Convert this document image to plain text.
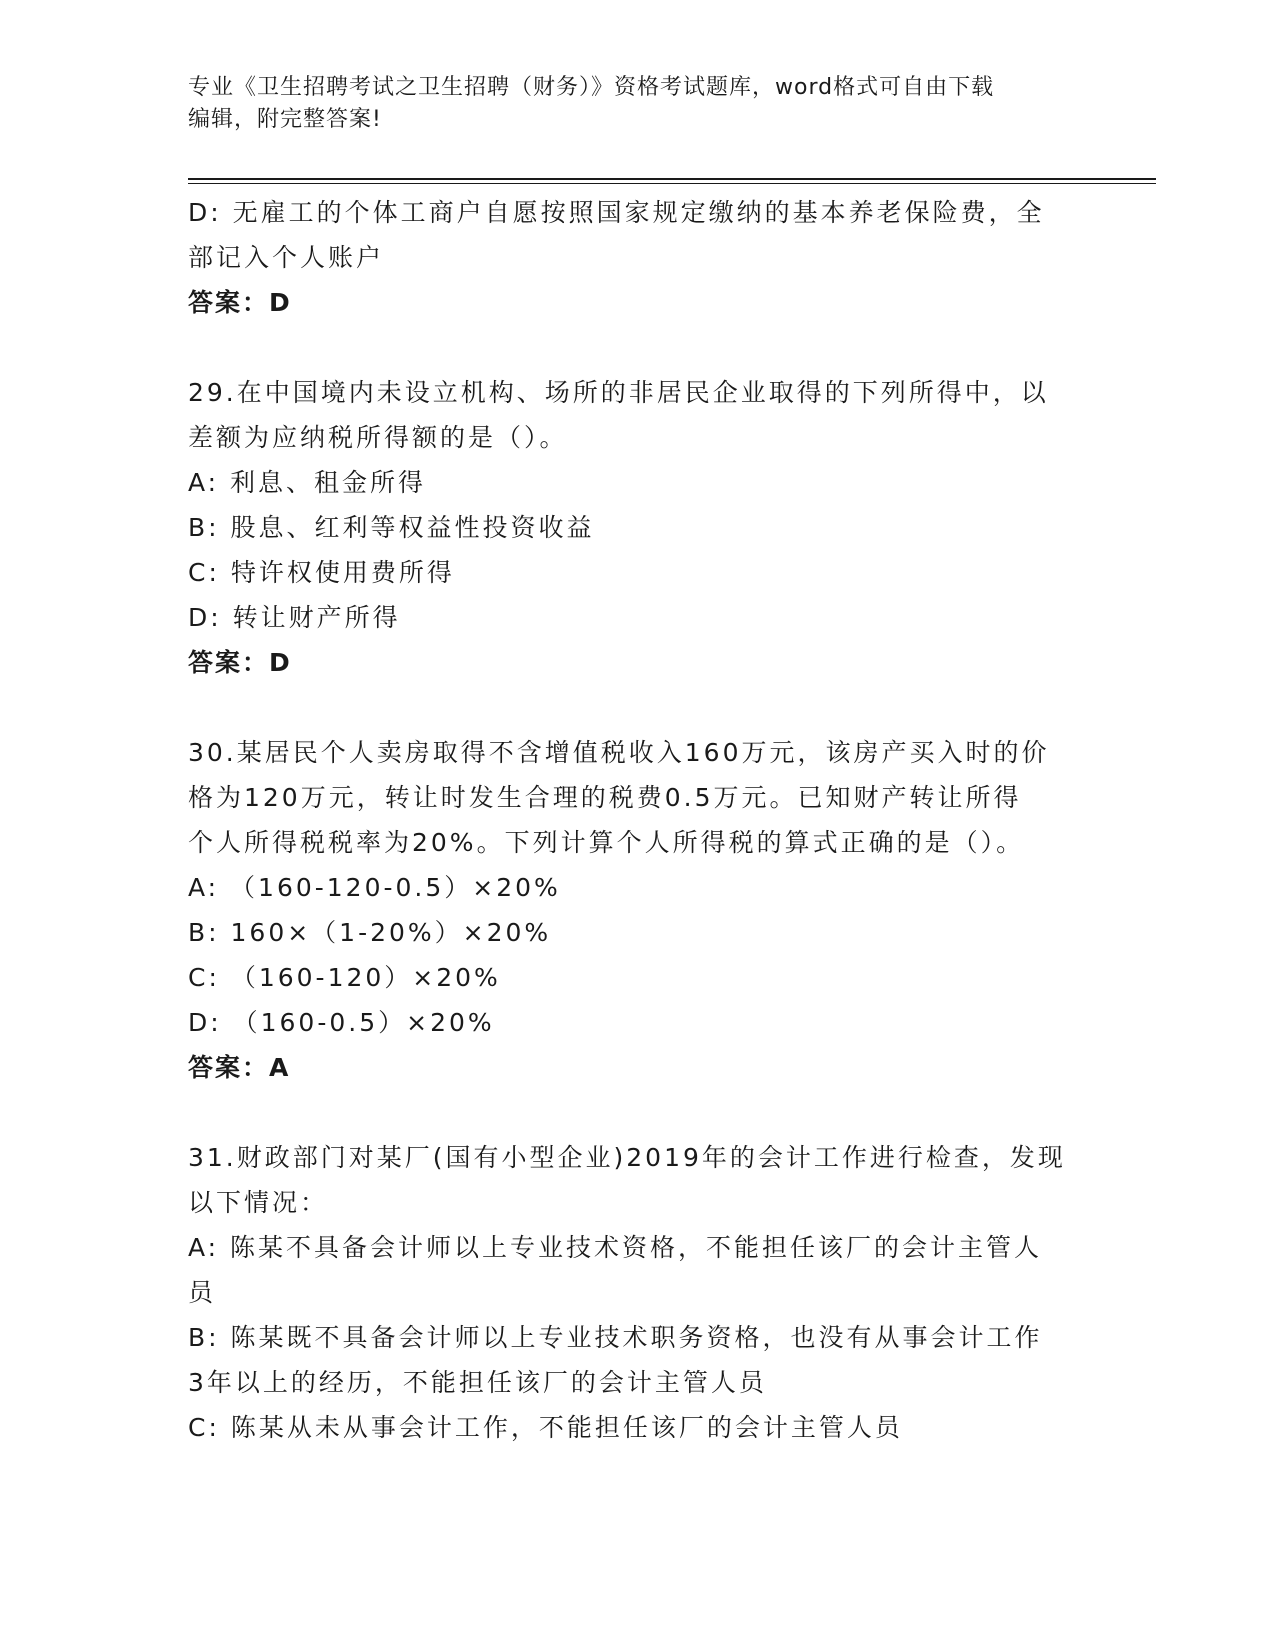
专业《卫生招聘考试之卫生招聘（财务）》资格考试题库，word格式可自由下载
编辑，附完整答案!
D: 无雇工的个体工商户自愿按照国家规定缴纳的基本养老保险费，全
部记入个人账户
答案：D
29.在中国境内未设立机构、场所的非居民企业取得的下列所得中，以
差额为应纳税所得额的是（）。
A: 利息、租金所得
B: 股息、红利等权益性投资收益
C: 特许权使用费所得
D: 转让财产所得
答案：D
30.某居民个人卖房取得不含增值税收入160万元，该房产买入时的价
格为120万元，转让时发生合理的税费0.5万元。已知财产转让所得
个人所得税税率为20%。下列计算个人所得税的算式正确的是（）。
A: （160-120-0.5）×20%
B: 160×（1-20%）×20%
C: （160-120）×20%
D: （160-0.5）×20%
答案：A
31.财政部门对某厂(国有小型企业)2019年的会计工作进行检查，发现
以下情况：
A: 陈某不具备会计师以上专业技术资格，不能担任该厂的会计主管人
员
B: 陈某既不具备会计师以上专业技术职务资格，也没有从事会计工作
3年以上的经历，不能担任该厂的会计主管人员
C: 陈某从未从事会计工作，不能担任该厂的会计主管人员
